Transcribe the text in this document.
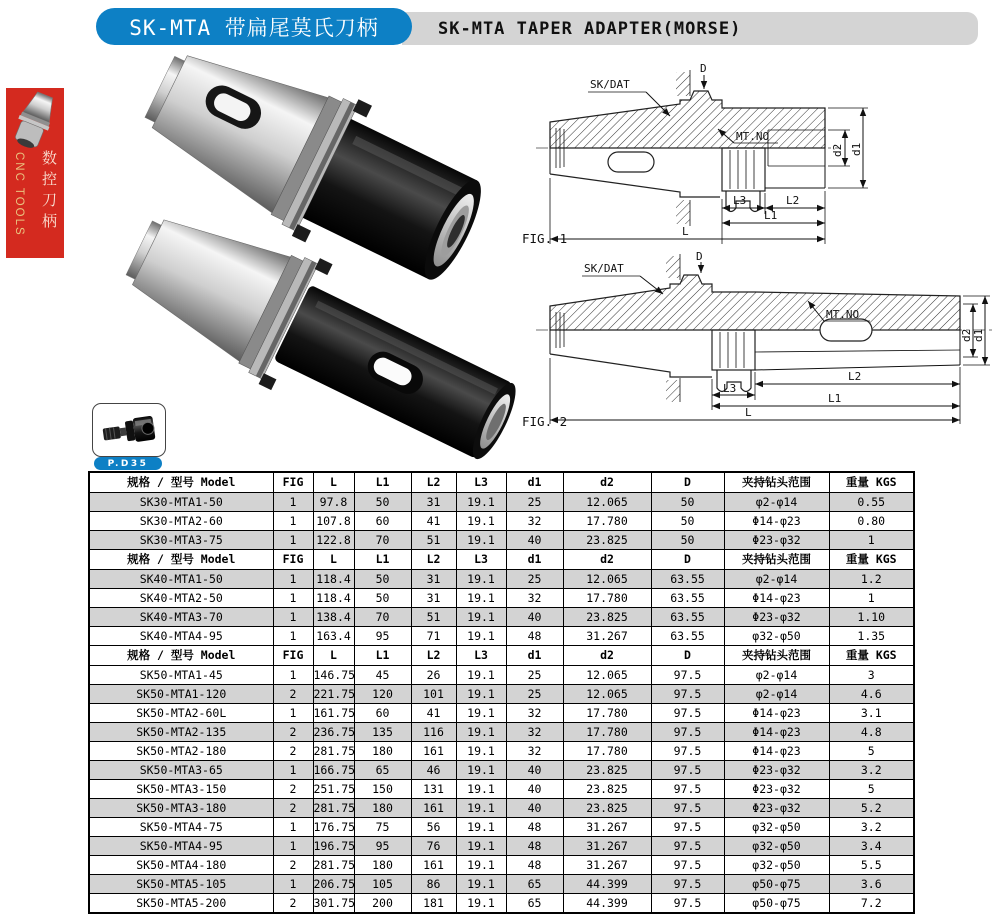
SK-MTA TAPER ADAPTER(MORSE)
SK-MTA 带扁尾莫氏刀柄
CNC TOOLS 数控刀柄
D
SK/DAT
MT.NO
d2 d1
L3	L2
L1
L
FIG. 1
D
SK/DAT
MT.NO
d2 d1
L2
L3
L1
L
FIG. 2
P.D35
规格 / 型号 Model	FIG	L	L1	L2	L3	d1	d2	D	夹持钻头范围	重量 KGS
SK30-MTA1-50	1	97.8	50	31	19.1	25	12.065	50	φ2-φ14	0.55
SK30-MTA2-60	1	107.8	60	41	19.1	32	17.780	50	Φ14-φ23	0.80
SK30-MTA3-75	1	122.8	70	51	19.1	40	23.825	50	Φ23-φ32	1
规格 / 型号 Model	FIG	L	L1	L2	L3	d1	d2	D	夹持钻头范围	重量 KGS
SK40-MTA1-50	1	118.4	50	31	19.1	25	12.065	63.55	φ2-φ14	1.2
SK40-MTA2-50	1	118.4	50	31	19.1	32	17.780	63.55	Φ14-φ23	1
SK40-MTA3-70	1	138.4	70	51	19.1	40	23.825	63.55	Φ23-φ32	1.10
SK40-MTA4-95	1	163.4	95	71	19.1	48	31.267	63.55	φ32-φ50	1.35
规格 / 型号 Model	FIG	L	L1	L2	L3	d1	d2	D	夹持钻头范围	重量 KGS
SK50-MTA1-45	1	146.75	45	26	19.1	25	12.065	97.5	φ2-φ14	3
SK50-MTA1-120	2	221.75	120	101	19.1	25	12.065	97.5	φ2-φ14	4.6
SK50-MTA2-60L	1	161.75	60	41	19.1	32	17.780	97.5	Φ14-φ23	3.1
SK50-MTA2-135	2	236.75	135	116	19.1	32	17.780	97.5	Φ14-φ23	4.8
SK50-MTA2-180	2	281.75	180	161	19.1	32	17.780	97.5	Φ14-φ23	5
SK50-MTA3-65	1	166.75	65	46	19.1	40	23.825	97.5	Φ23-φ32	3.2
SK50-MTA3-150	2	251.75	150	131	19.1	40	23.825	97.5	Φ23-φ32	5
SK50-MTA3-180	2	281.75	180	161	19.1	40	23.825	97.5	Φ23-φ32	5.2
SK50-MTA4-75	1	176.75	75	56	19.1	48	31.267	97.5	φ32-φ50	3.2
SK50-MTA4-95	1	196.75	95	76	19.1	48	31.267	97.5	φ32-φ50	3.4
SK50-MTA4-180	2	281.75	180	161	19.1	48	31.267	97.5	φ32-φ50	5.5
SK50-MTA5-105	1	206.75	105	86	19.1	65	44.399	97.5	φ50-φ75	3.6
SK50-MTA5-200	2	301.75	200	181	19.1	65	44.399	97.5	φ50-φ75	7.2
